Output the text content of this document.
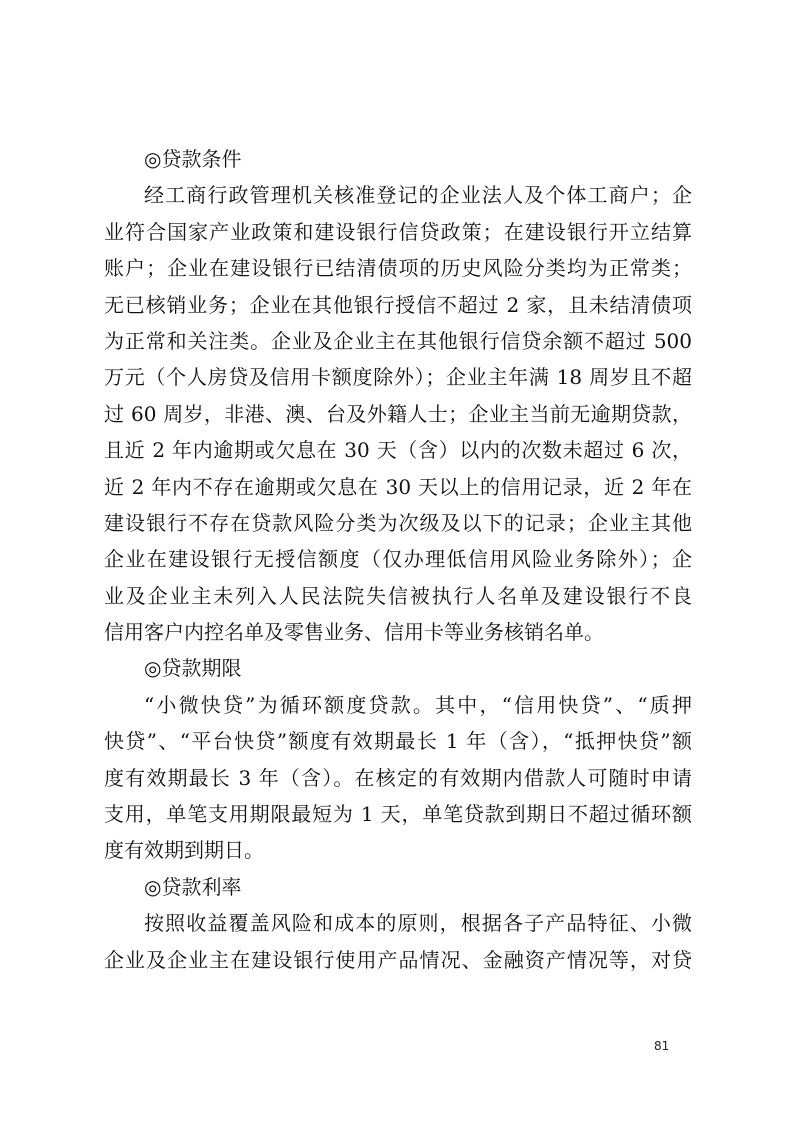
◎贷款条件
经工商行政管理机关核准登记的企业法人及个体工商户；企
业符合国家产业政策和建设银行信贷政策；在建设银行开立结算
账户；企业在建设银行已结清债项的历史风险分类均为正常类；
无已核销业务；企业在其他银行授信不超过 2 家，且未结清债项
为正常和关注类。企业及企业主在其他银行信贷余额不超过 500
万元（个人房贷及信用卡额度除外）；企业主年满 18 周岁且不超
过 60 周岁，非港、澳、台及外籍人士；企业主当前无逾期贷款，
且近 2 年内逾期或欠息在 30 天（含）以内的次数未超过 6 次，
近 2 年内不存在逾期或欠息在 30 天以上的信用记录，近 2 年在
建设银行不存在贷款风险分类为次级及以下的记录；企业主其他
企业在建设银行无授信额度（仅办理低信用风险业务除外）；企
业及企业主未列入人民法院失信被执行人名单及建设银行不良
信用客户内控名单及零售业务、信用卡等业务核销名单。
◎贷款期限
“小微快贷”为循环额度贷款。其中，“信用快贷”、“质押
快贷”、“平台快贷”额度有效期最长 1 年（含），“抵押快贷”额
度有效期最长 3 年（含）。在核定的有效期内借款人可随时申请
支用，单笔支用期限最短为 1 天，单笔贷款到期日不超过循环额
度有效期到期日。
◎贷款利率
按照收益覆盖风险和成本的原则，根据各子产品特征、小微
企业及企业主在建设银行使用产品情况、金融资产情况等，对贷
81
